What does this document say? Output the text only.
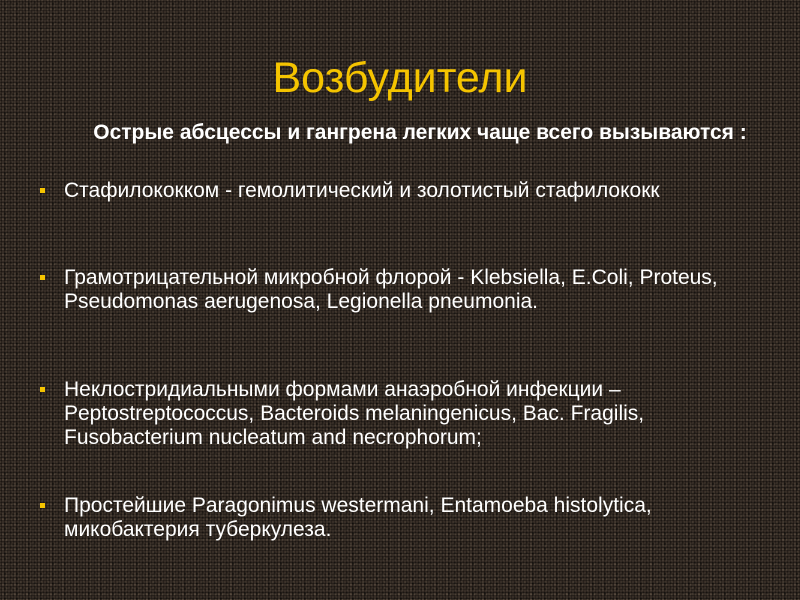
Возбудители
Острые абсцессы и гангрена легких чаще всего вызываются :
Стафилококком - гемолитический и золотистый стафилококк
Грамотрицательной микробной флорой - Klebsiella, E.Coli, Proteus, Pseudomonas aerugenosa, Legionella pneumonia.
Неклостридиальными формами анаэробной инфекции – Peptostreptococcus, Bacteroids melaningenicus, Bac. Fragilis, Fusobacterium nucleatum and necrophorum;
Простейшие Paragonimus westermani, Entamoeba histolytica, микобактерия туберкулеза.
